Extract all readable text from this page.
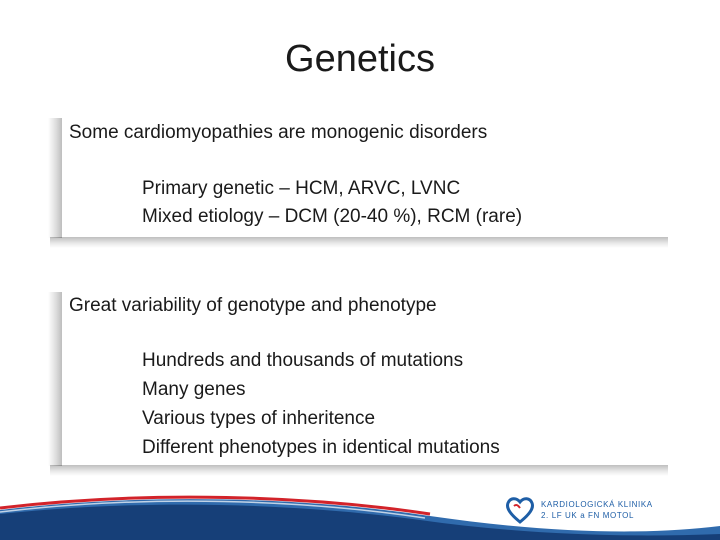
Genetics
Some cardiomyopathies are monogenic disorders
Primary genetic – HCM, ARVC, LVNC
Mixed etiology – DCM (20-40 %), RCM (rare)
Great variability of genotype and phenotype
Hundreds and thousands of mutations
Many genes
Various types of inheritence
Different phenotypes in identical mutations
KARDIOLOGICKÁ KLINIKA
2. LF UK a FN MOTOL
